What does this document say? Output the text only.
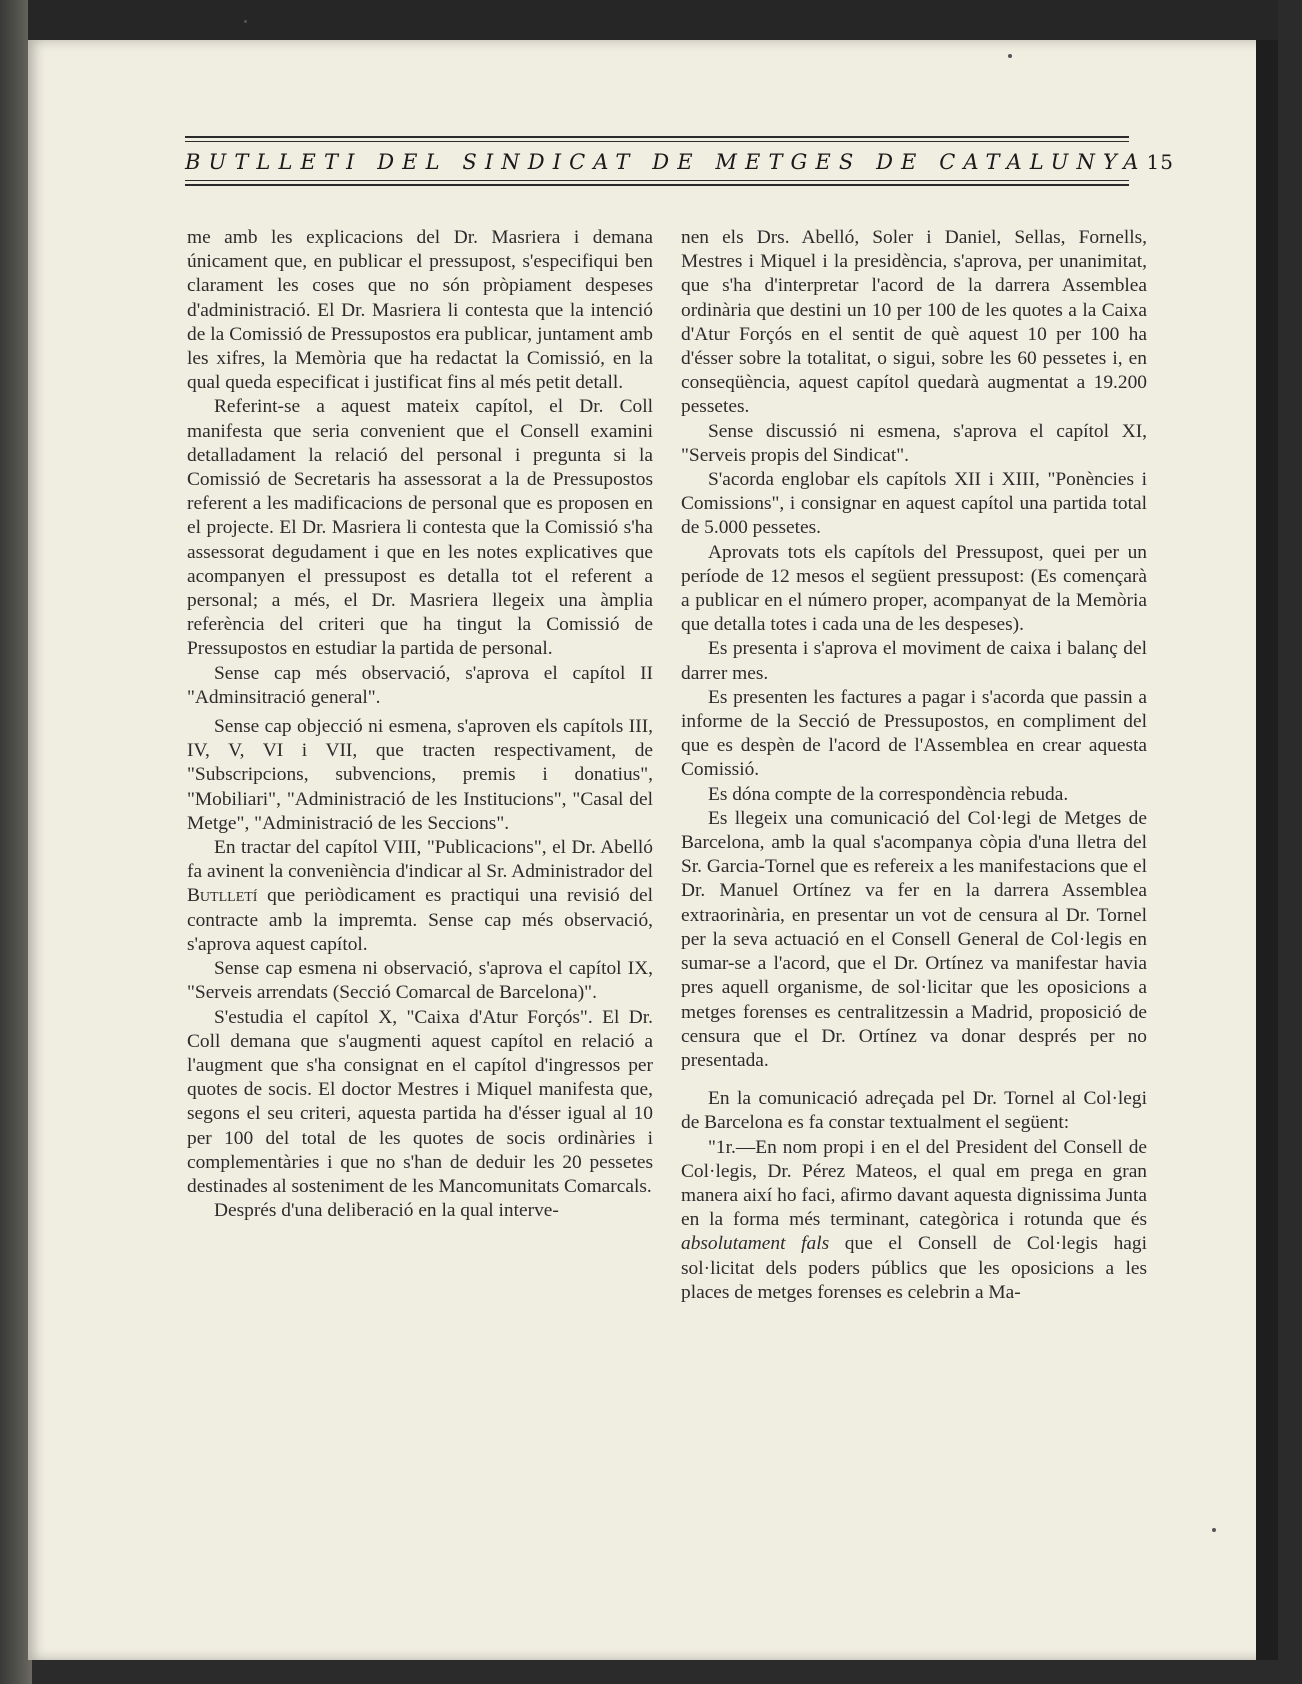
BUTLLETI DEL SINDICAT DE METGES DE CATALUNYA 15

me amb les explicacions del Dr. Masriera i demana únicament que, en publicar el pressupost, s'especifiqui ben clarament les coses que no són pròpiament despeses d'administració. El Dr. Masriera li contesta que la intenció de la Comissió de Pressupostos era publicar, juntament amb les xifres, la Memòria que ha redactat la Comissió, en la qual queda especificat i justificat fins al més petit detall.

Referint-se a aquest mateix capítol, el Dr. Coll manifesta que seria convenient que el Consell examini detalladament la relació del personal i pregunta si la Comissió de Secretaris ha assessorat a la de Pressupostos referent a les madificacions de personal que es proposen en el projecte. El Dr. Masriera li contesta que la Comissió s'ha assessorat degudament i que en les notes explicatives que acompanyen el pressupost es detalla tot el referent a personal; a més, el Dr. Masriera llegeix una àmplia referència del criteri que ha tingut la Comissió de Pressupostos en estudiar la partida de personal.

Sense cap més observació, s'aprova el capítol II "Adminsitració general".

Sense cap objecció ni esmena, s'aproven els capítols III, IV, V, VI i VII, que tracten respectivament, de "Subscripcions, subvencions, premis i donatius", "Mobiliari", "Administració de les Institucions", "Casal del Metge", "Administració de les Seccions".

En tractar del capítol VIII, "Publicacions", el Dr. Abelló fa avinent la conveniència d'indicar al Sr. Administrador del Butlletí que periòdicament es practiqui una revisió del contracte amb la impremta. Sense cap més observació, s'aprova aquest capítol.

Sense cap esmena ni observació, s'aprova el capítol IX, "Serveis arrendats (Secció Comarcal de Barcelona)".

S'estudia el capítol X, "Caixa d'Atur Forçós". El Dr. Coll demana que s'augmenti aquest capítol en relació a l'augment que s'ha consignat en el capítol d'ingressos per quotes de socis. El doctor Mestres i Miquel manifesta que, segons el seu criteri, aquesta partida ha d'ésser igual al 10 per 100 del total de les quotes de socis ordinàries i complementàries i que no s'han de deduir les 20 pessetes destinades al sosteniment de les Mancomunitats Comarcals.

Després d'una deliberació en la qual interve-

nen els Drs. Abelló, Soler i Daniel, Sellas, Fornells, Mestres i Miquel i la presidència, s'aprova, per unanimitat, que s'ha d'interpretar l'acord de la darrera Assemblea ordinària que destini un 10 per 100 de les quotes a la Caixa d'Atur Forçós en el sentit de què aquest 10 per 100 ha d'ésser sobre la totalitat, o sigui, sobre les 60 pessetes i, en conseqüència, aquest capítol quedarà augmentat a 19.200 pessetes.

Sense discussió ni esmena, s'aprova el capítol XI, "Serveis propis del Sindicat".

S'acorda englobar els capítols XII i XIII, "Ponències i Comissions", i consignar en aquest capítol una partida total de 5.000 pessetes.

Aprovats tots els capítols del Pressupost, quei per un període de 12 mesos el següent pressupost: (Es començarà a publicar en el número proper, acompanyat de la Memòria que detalla totes i cada una de les despeses).

Es presenta i s'aprova el moviment de caixa i balanç del darrer mes.

Es presenten les factures a pagar i s'acorda que passin a informe de la Secció de Pressupostos, en compliment del que es despèn de l'acord de l'Assemblea en crear aquesta Comissió.

Es dóna compte de la correspondència rebuda.

Es llegeix una comunicació del Col·legi de Metges de Barcelona, amb la qual s'acompanya còpia d'una lletra del Sr. Garcia-Tornel que es refereix a les manifestacions que el Dr. Manuel Ortínez va fer en la darrera Assemblea extraorinària, en presentar un vot de censura al Dr. Tornel per la seva actuació en el Consell General de Col·legis en sumar-se a l'acord, que el Dr. Ortínez va manifestar havia pres aquell organisme, de sol·licitar que les oposicions a metges forenses es centralitzessin a Madrid, proposició de censura que el Dr. Ortínez va donar després per no presentada.

En la comunicació adreçada pel Dr. Tornel al Col·legi de Barcelona es fa constar textualment el següent:

"1r.—En nom propi i en el del President del Consell de Col·legis, Dr. Pérez Mateos, el qual em prega en gran manera així ho faci, afirmo davant aquesta dignissima Junta en la forma més terminant, categòrica i rotunda que és absolutament fals que el Consell de Col·legis hagi sol·licitat dels poders públics que les oposicions a les places de metges forenses es celebrin a Ma-
